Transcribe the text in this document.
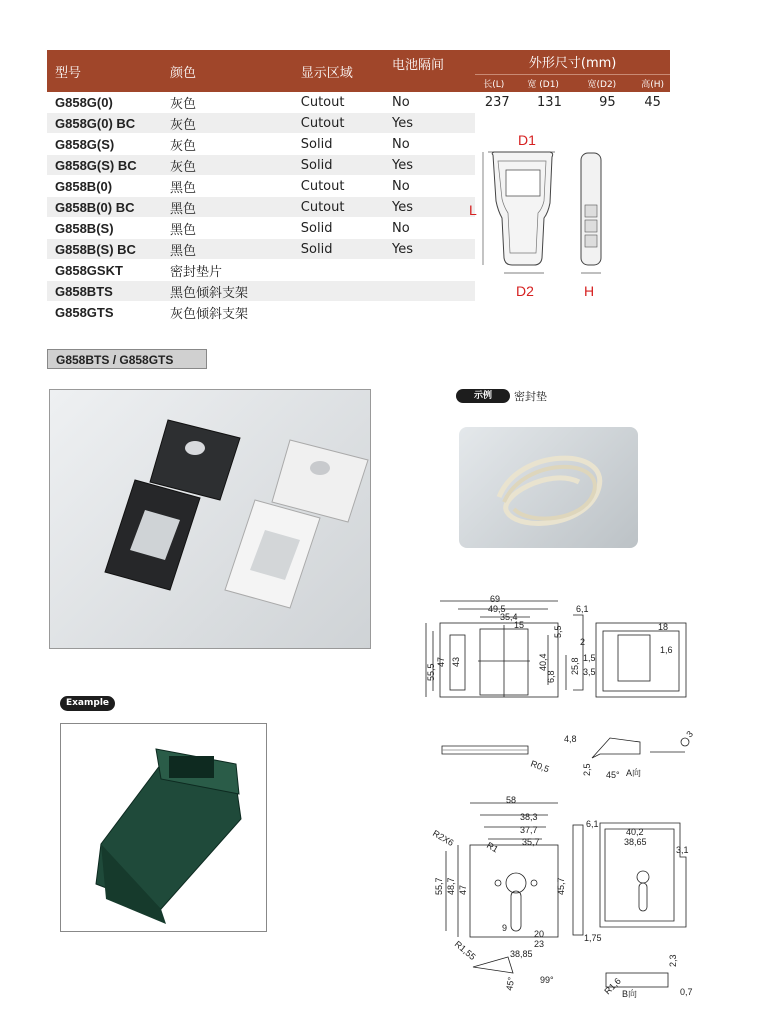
型号	颜色	显示区域	电池隔间	外形尺寸(mm)			
				长(L)	宽 (D1)	宽(D2)	高(H)
G858G(0)	灰色	Cutout	No	237	131	95	45
G858G(0) BC	灰色	Cutout	Yes				
G858G(S)	灰色	Solid	No				
G858G(S) BC	灰色	Solid	Yes				
G858B(0)	黑色	Cutout	No				
G858B(0) BC	黑色	Cutout	Yes				
G858B(S)	黑色	Solid	No				
G858B(S) BC	黑色	Solid	Yes				
G858GSKT	密封垫片						
G858BTS	黑色倾斜支架						
G858GTS	灰色倾斜支架						
D1
L
D2	H
G858BTS / G858GTS
示例	密封垫
Example
69
49,5
35,4
15
55,5
47 43	40,4
6,8
5,5
25,8
6,1
18
1,6
3,5
1,5
2
R0,5
4,8
2,5 45°
3
A向
58
38,3
37,7
35,7
R2X6	R1
55,7 48,7 47	45,7
20
23
38,85
9
R1,55
45°	99°
6,1
40,2
38,65
3,1
1,75
R1,6
2,3
0,7
B向
